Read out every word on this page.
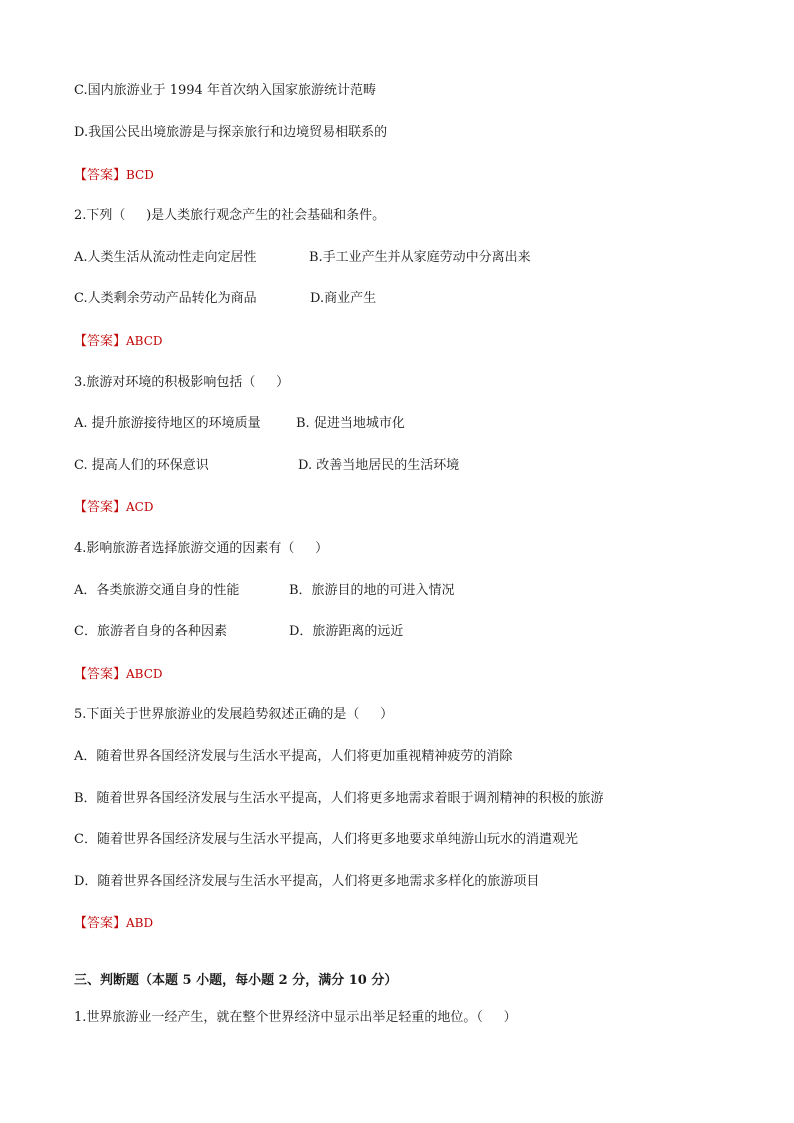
C.国内旅游业于 1994 年首次纳入国家旅游统计范畴
D.我国公民出境旅游是与探亲旅行和边境贸易相联系的
【答案】BCD
2.下列（     )是人类旅行观念产生的社会基础和条件。
A.人类生活从流动性走向定居性	B.手工业产生并从家庭劳动中分离出来
C.人类剩余劳动产品转化为商品	D.商业产生
【答案】ABCD
3.旅游对环境的积极影响包括（     ）
A. 提升旅游接待地区的环境质量	B. 促进当地城市化
C. 提高人们的环保意识	D. 改善当地居民的生活环境
【答案】ACD
4.影响旅游者选择旅游交通的因素有（     ）
A．各类旅游交通自身的性能	B．旅游目的地的可进入情况
C．旅游者自身的各种因素	D．旅游距离的远近
【答案】ABCD
5.下面关于世界旅游业的发展趋势叙述正确的是（     ）
A．随着世界各国经济发展与生活水平提高，人们将更加重视精神疲劳的消除
B．随着世界各国经济发展与生活水平提高，人们将更多地需求着眼于调剂精神的积极的旅游
C．随着世界各国经济发展与生活水平提高，人们将更多地要求单纯游山玩水的消遣观光
D．随着世界各国经济发展与生活水平提高，人们将更多地需求多样化的旅游项目
【答案】ABD
三、判断题（本题 5 小题，每小题 2 分，满分 10 分）
1.世界旅游业一经产生，就在整个世界经济中显示出举足轻重的地位。（     ）
